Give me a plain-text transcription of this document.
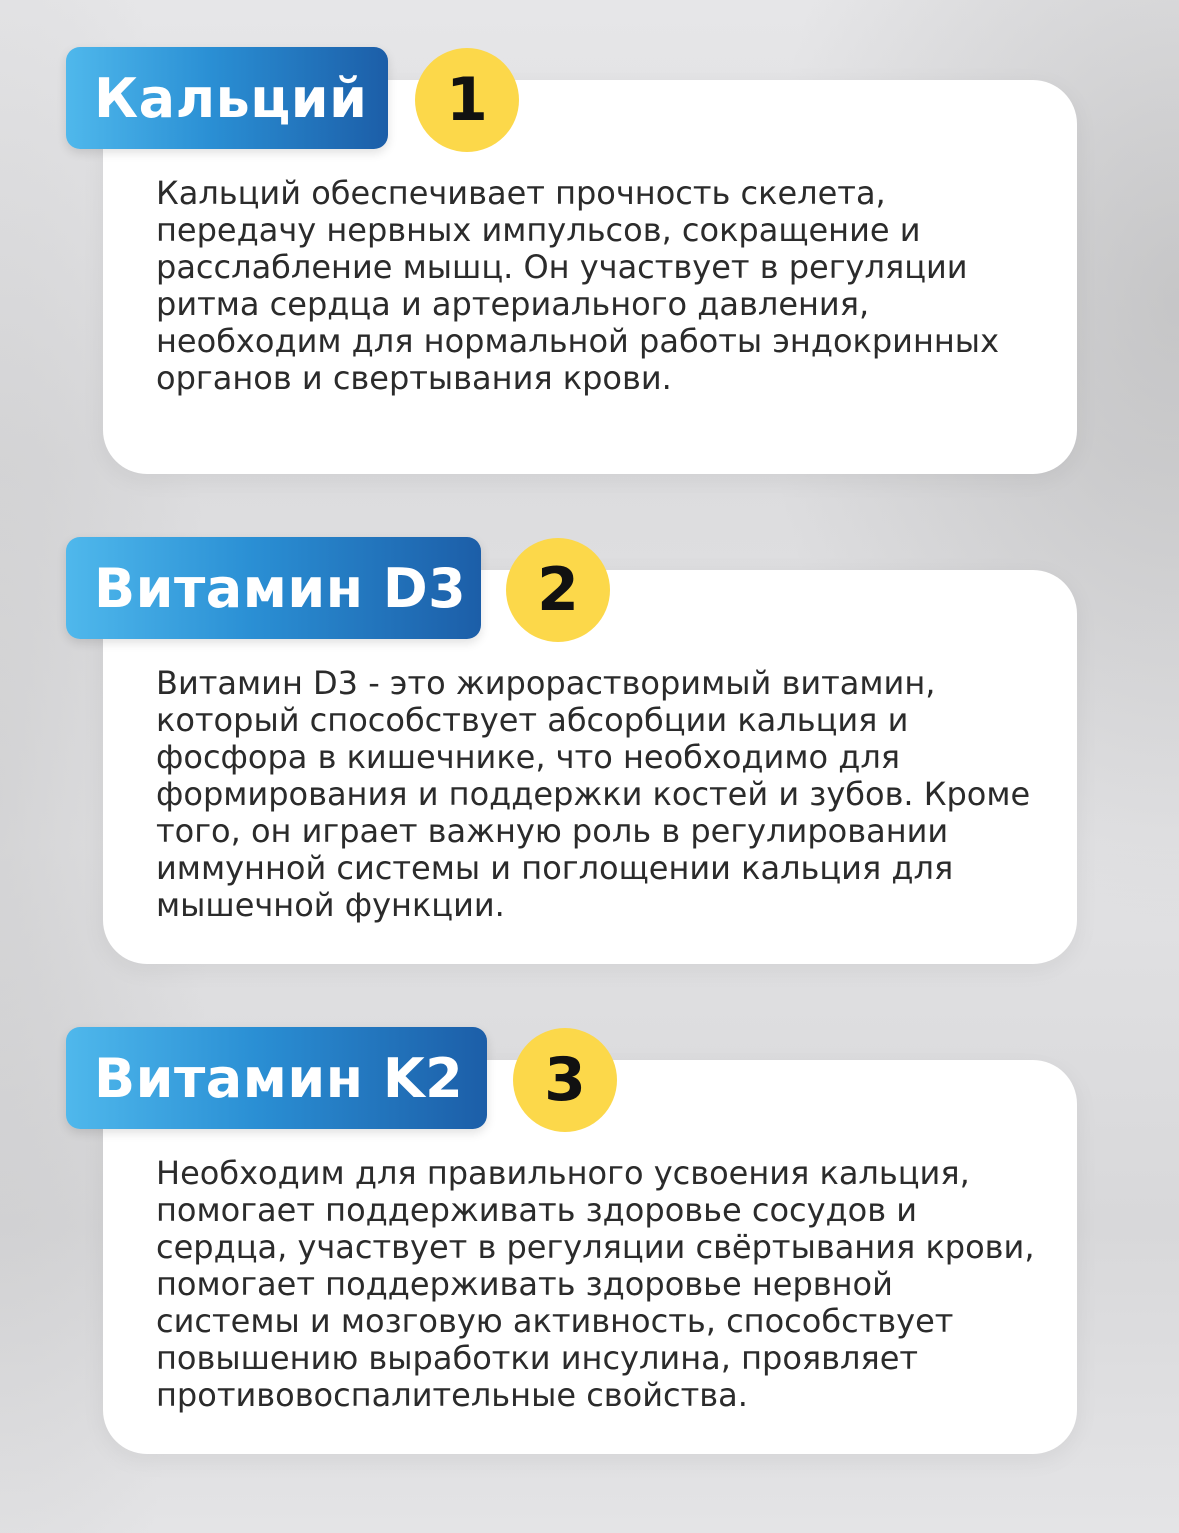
Кальций	1

Кальций обеспечивает прочность скелета, передачу нервных импульсов, сокращение и расслабление мышц. Он участвует в регуляции ритма сердца и артериального давления, необходим для нормальной работы эндокринных органов и свертывания крови.

Витамин D3	2

Витамин D3 - это жирорастворимый витамин, который способствует абсорбции кальция и фосфора в кишечнике, что необходимо для формирования и поддержки костей и зубов. Кроме того, он играет важную роль в регулировании иммунной системы и поглощении кальция для мышечной функции.

Витамин K2	3

Необходим для правильного усвоения кальция, помогает поддерживать здоровье сосудов и сердца, участвует в регуляции свёртывания крови, помогает поддерживать здоровье нервной системы и мозговую активность, способствует повышению выработки инсулина, проявляет противовоспалительные свойства.
